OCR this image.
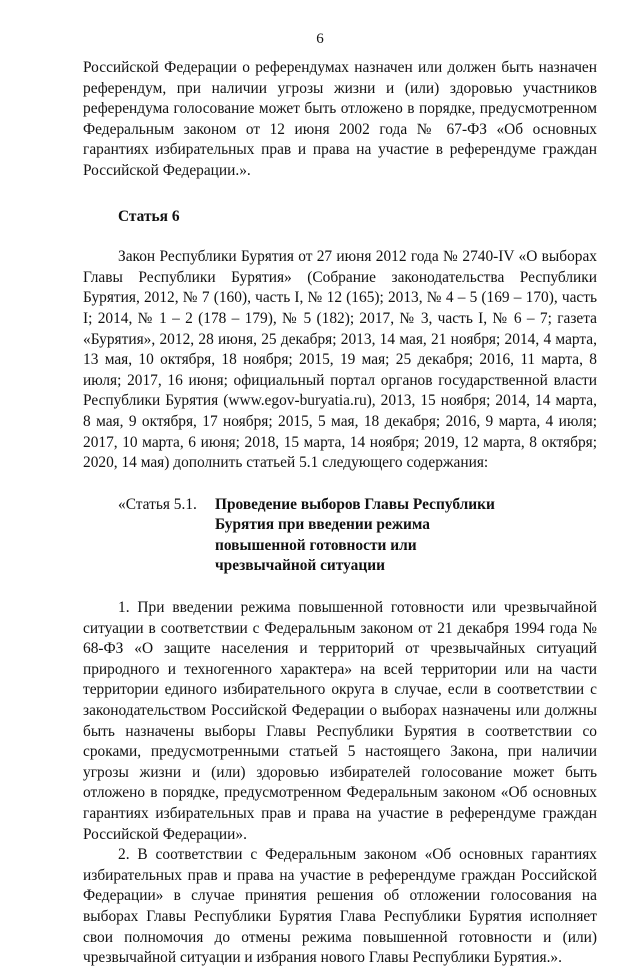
6

Российской Федерации о референдумах назначен или должен быть назначен референдум, при наличии угрозы жизни и (или) здоровью участников референдума голосование может быть отложено в порядке, предусмотренном Федеральным законом от 12 июня 2002 года № 67-ФЗ «Об основных гарантиях избирательных прав и права на участие в референдуме граждан Российской Федерации.».

Статья 6

Закон Республики Бурятия от 27 июня 2012 года № 2740-IV «О выборах Главы Республики Бурятия» (Собрание законодательства Республики Бурятия, 2012, № 7 (160), часть I, № 12 (165); 2013, № 4 – 5 (169 – 170), часть I; 2014, № 1 – 2 (178 – 179), № 5 (182); 2017, № 3, часть I, № 6 – 7; газета «Бурятия», 2012, 28 июня, 25 декабря; 2013, 14 мая, 21 ноября; 2014, 4 марта, 13 мая, 10 октября, 18 ноября; 2015, 19 мая; 25 декабря; 2016, 11 марта, 8 июля; 2017, 16 июня; официальный портал органов государственной власти Республики Бурятия (www.egov-buryatia.ru), 2013, 15 ноября; 2014, 14 марта, 8 мая, 9 октября, 17 ноября; 2015, 5 мая, 18 декабря; 2016, 9 марта, 4 июля; 2017, 10 марта, 6 июня; 2018, 15 марта, 14 ноября; 2019, 12 марта, 8 октября; 2020, 14 мая) дополнить статьей 5.1 следующего содержания:

«Статья 5.1.	Проведение выборов Главы Республики Бурятия при введении режима повышенной готовности или чрезвычайной ситуации

1. При введении режима повышенной готовности или чрезвычайной ситуации в соответствии с Федеральным законом от 21 декабря 1994 года № 68-ФЗ «О защите населения и территорий от чрезвычайных ситуаций природного и техногенного характера» на всей территории или на части территории единого избирательного округа в случае, если в соответствии с законодательством Российской Федерации о выборах назначены или должны быть назначены выборы Главы Республики Бурятия в соответствии со сроками, предусмотренными статьей 5 настоящего Закона, при наличии угрозы жизни и (или) здоровью избирателей голосование может быть отложено в порядке, предусмотренном Федеральным законом «Об основных гарантиях избирательных прав и права на участие в референдуме граждан Российской Федерации».

2. В соответствии с Федеральным законом «Об основных гарантиях избирательных прав и права на участие в референдуме граждан Российской Федерации» в случае принятия решения об отложении голосования на выборах Главы Республики Бурятия Глава Республики Бурятия исполняет свои полномочия до отмены режима повышенной готовности и (или) чрезвычайной ситуации и избрания нового Главы Республики Бурятия.».
